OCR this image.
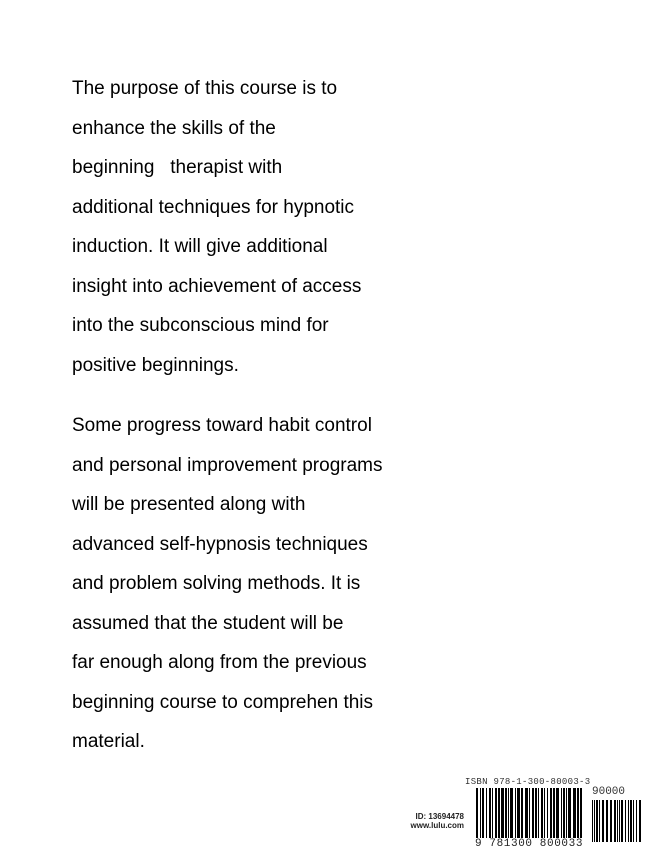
The purpose of this course is to

enhance the skills of the

beginning   therapist with

additional techniques for hypnotic

induction. It will give additional

insight into achievement of access

into the subconscious mind for

positive beginnings.

Some progress toward habit control

and personal improvement programs

will be presented along with

advanced self-hypnosis techniques

and problem solving methods. It is

assumed that the student will be

far enough along from the previous

beginning course to comprehen this

material.

ID: 13694478
www.lulu.com
ISBN 978-1-300-80003-3
90000
9 781300 800033
